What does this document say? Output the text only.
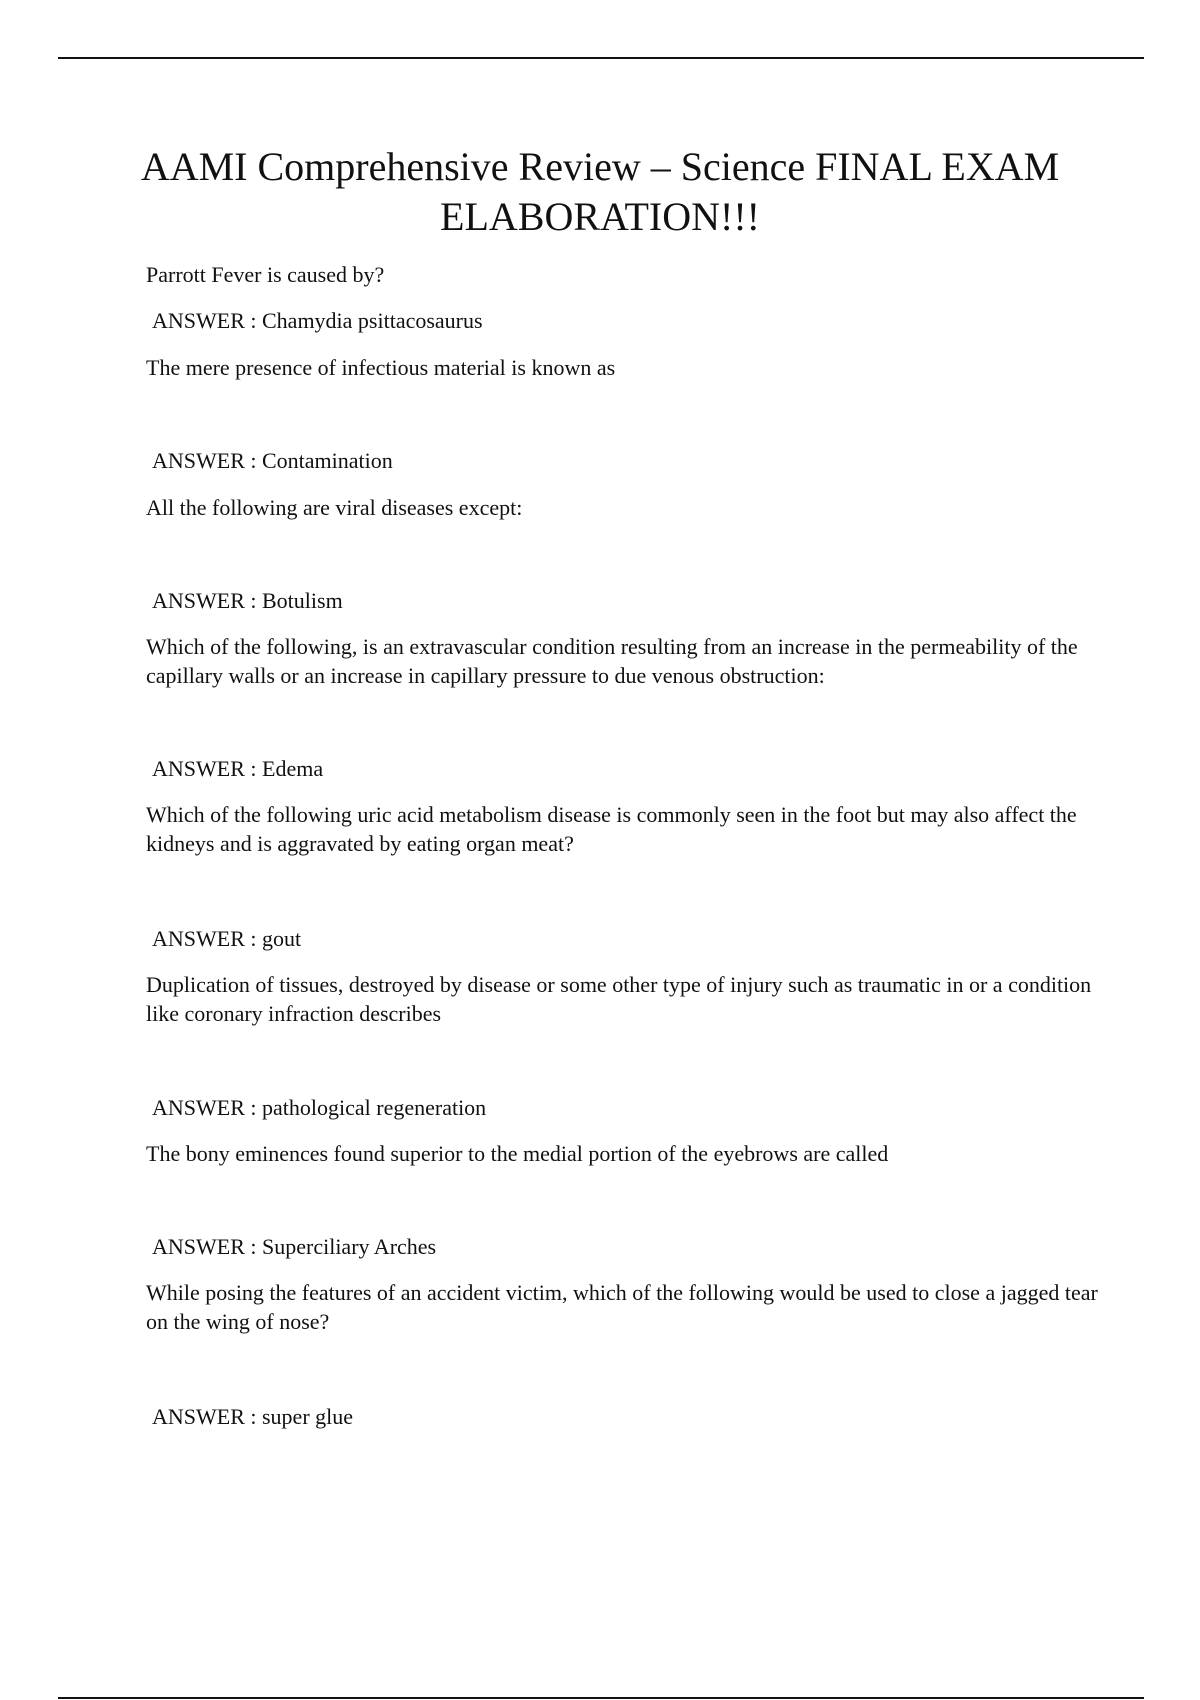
AAMI Comprehensive Review – Science FINAL EXAM ELABORATION!!!

Parrott Fever is caused by?

ANSWER : Chamydia psittacosaurus

The mere presence of infectious material is known as

ANSWER : Contamination

All the following are viral diseases except:

ANSWER : Botulism

Which of the following, is an extravascular condition resulting from an increase in the permeability of the capillary walls or an increase in capillary pressure to due venous obstruction:

ANSWER : Edema

Which of the following uric acid metabolism disease is commonly seen in the foot but may also affect the kidneys and is aggravated by eating organ meat?

ANSWER : gout

Duplication of tissues, destroyed by disease or some other type of injury such as traumatic in or a condition like coronary infraction describes

ANSWER : pathological regeneration

The bony eminences found superior to the medial portion of the eyebrows are called

ANSWER : Superciliary Arches

While posing the features of an accident victim, which of the following would be used to close a jagged tear on the wing of nose?

ANSWER : super glue
